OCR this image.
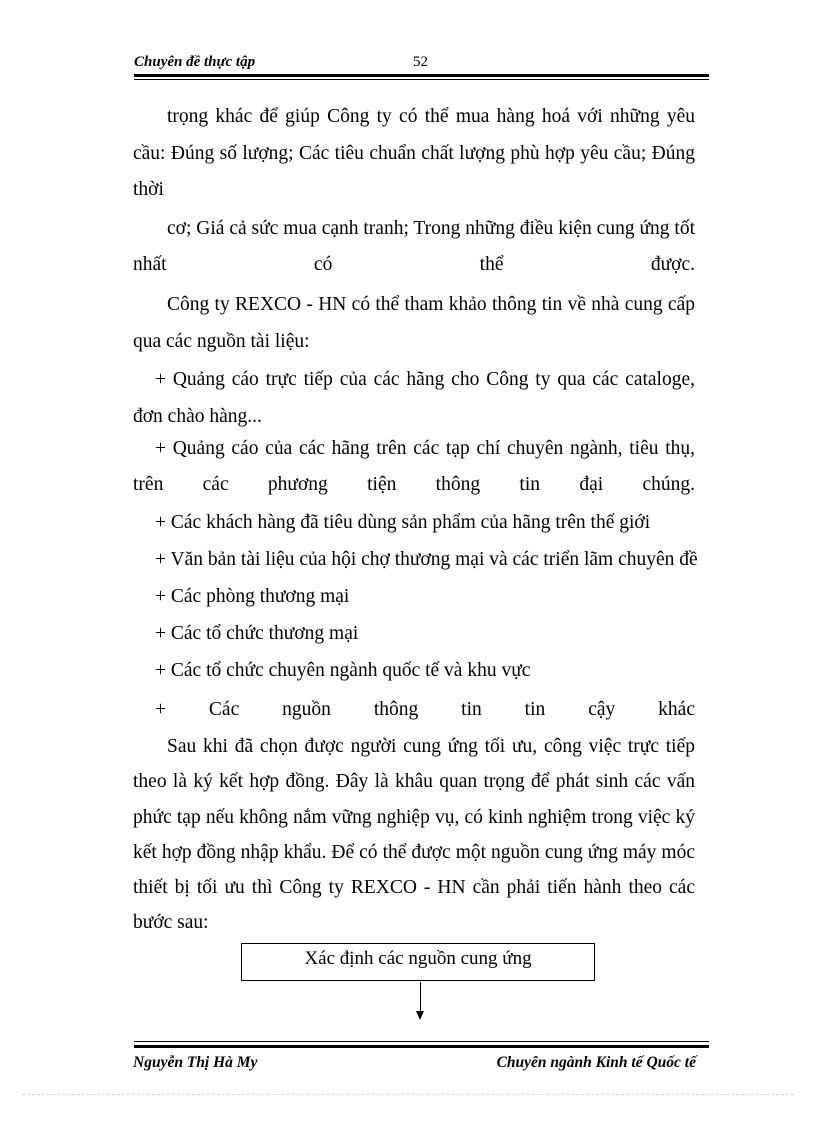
Chuyên đề thực tập	52
trọng khác để giúp Công ty có thể mua hàng hoá với những yêu
cầu: Đúng số lượng; Các tiêu chuẩn chất lượng phù hợp yêu cầu; Đúng
thời
cơ; Giá cả sức mua cạnh tranh; Trong những điều kiện cung ứng tốt
nhất có thể được.
Công ty REXCO - HN có thể tham khảo thông tin về nhà cung cấp
qua các nguồn tài liệu:
+ Quảng cáo trực tiếp của các hãng cho Công ty qua các cataloge,
đơn chào hàng...
+ Quảng cáo của các hãng trên các tạp chí chuyên ngành, tiêu thụ,
trên các phương tiện thông tin đại chúng.
+ Các khách hàng đã tiêu dùng sản phẩm của hãng trên thế giới
+ Văn bản tài liệu của hội chợ thương mại và các triển lãm chuyên đề
+ Các phòng thương mại
+ Các tổ chức thương mại
+ Các tổ chức chuyên ngành quốc tế và khu vực
+ Các nguồn thông tin tin cậy khác
Sau khi đã chọn được người cung ứng tối ưu, công việc trực tiếp
theo là ký kết hợp đồng. Đây là khâu quan trọng để phát sinh các vấn
phức tạp nếu không nắm vững nghiệp vụ, có kinh nghiệm trong việc ký
kết hợp đồng nhập khẩu. Để có thể được một nguồn cung ứng máy móc
thiết bị tối ưu thì Công ty REXCO - HN cần phải tiến hành theo các
bước sau:
Xác định các nguồn cung ứng
Nguyễn Thị Hà My	Chuyên ngành Kinh tế Quốc tế
